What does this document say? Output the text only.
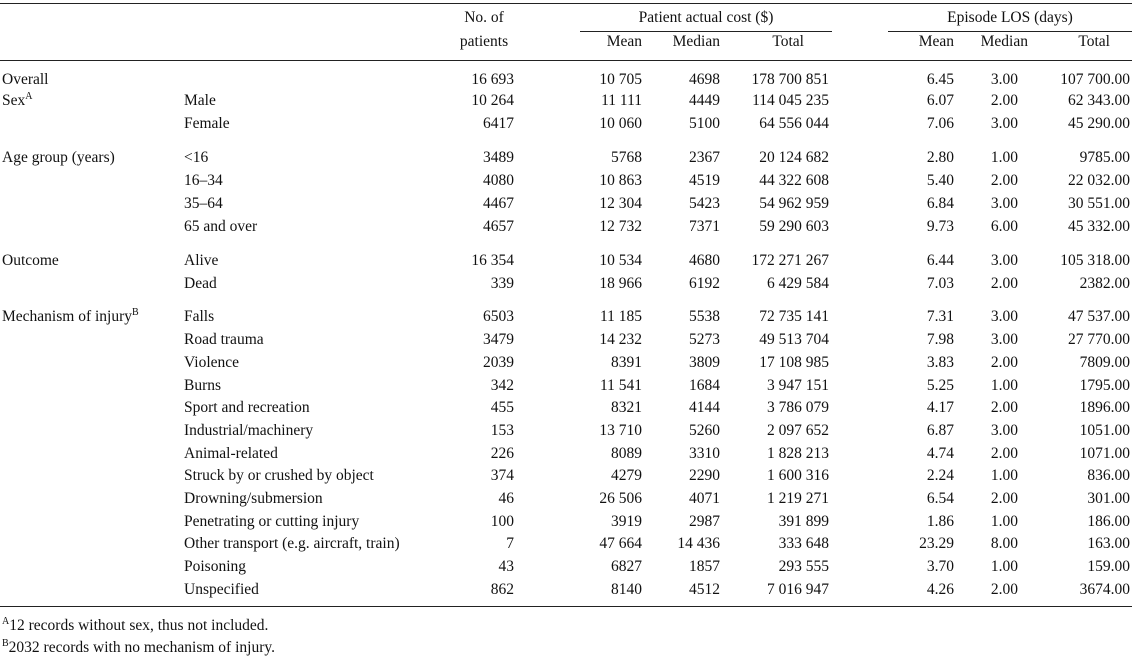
No. of
patients
Patient actual cost ($)	Episode LOS (days)
Mean	Median	Total	Mean	Median	Total
Overall	16 693	10 705	4698	178 700 851	6.45	3.00	107 700.00
Sex$^A$	Male	10 264	11 111	4449	114 045 235	6.07	2.00	62 343.00
Female	6417	10 060	5100	64 556 044	7.06	3.00	45 290.00
Age group (years)	<16	3489	5768	2367	20 124 682	2.80	1.00	9785.00
16–34	4080	10 863	4519	44 322 608	5.40	2.00	22 032.00
35–64	4467	12 304	5423	54 962 959	6.84	3.00	30 551.00
65 and over	4657	12 732	7371	59 290 603	9.73	6.00	45 332.00
Outcome	Alive	16 354	10 534	4680	172 271 267	6.44	3.00	105 318.00
Dead	339	18 966	6192	6 429 584	7.03	2.00	2382.00
Mechanism of injury$^B$	Falls	6503	11 185	5538	72 735 141	7.31	3.00	47 537.00
Road trauma	3479	14 232	5273	49 513 704	7.98	3.00	27 770.00
Violence	2039	8391	3809	17 108 985	3.83	2.00	7809.00
Burns	342	11 541	1684	3 947 151	5.25	1.00	1795.00
Sport and recreation	455	8321	4144	3 786 079	4.17	2.00	1896.00
Industrial/machinery	153	13 710	5260	2 097 652	6.87	3.00	1051.00
Animal-related	226	8089	3310	1 828 213	4.74	2.00	1071.00
Struck by or crushed by object	374	4279	2290	1 600 316	2.24	1.00	836.00
Drowning/submersion	46	26 506	4071	1 219 271	6.54	2.00	301.00
Penetrating or cutting injury	100	3919	2987	391 899	1.86	1.00	186.00
Other transport (e.g. aircraft, train)	7	47 664	14 436	333 648	23.29	8.00	163.00
Poisoning	43	6827	1857	293 555	3.70	1.00	159.00
Unspecified	862	8140	4512	7 016 947	4.26	2.00	3674.00
$^A$12 records without sex, thus not included.
$^B$2032 records with no mechanism of injury.
